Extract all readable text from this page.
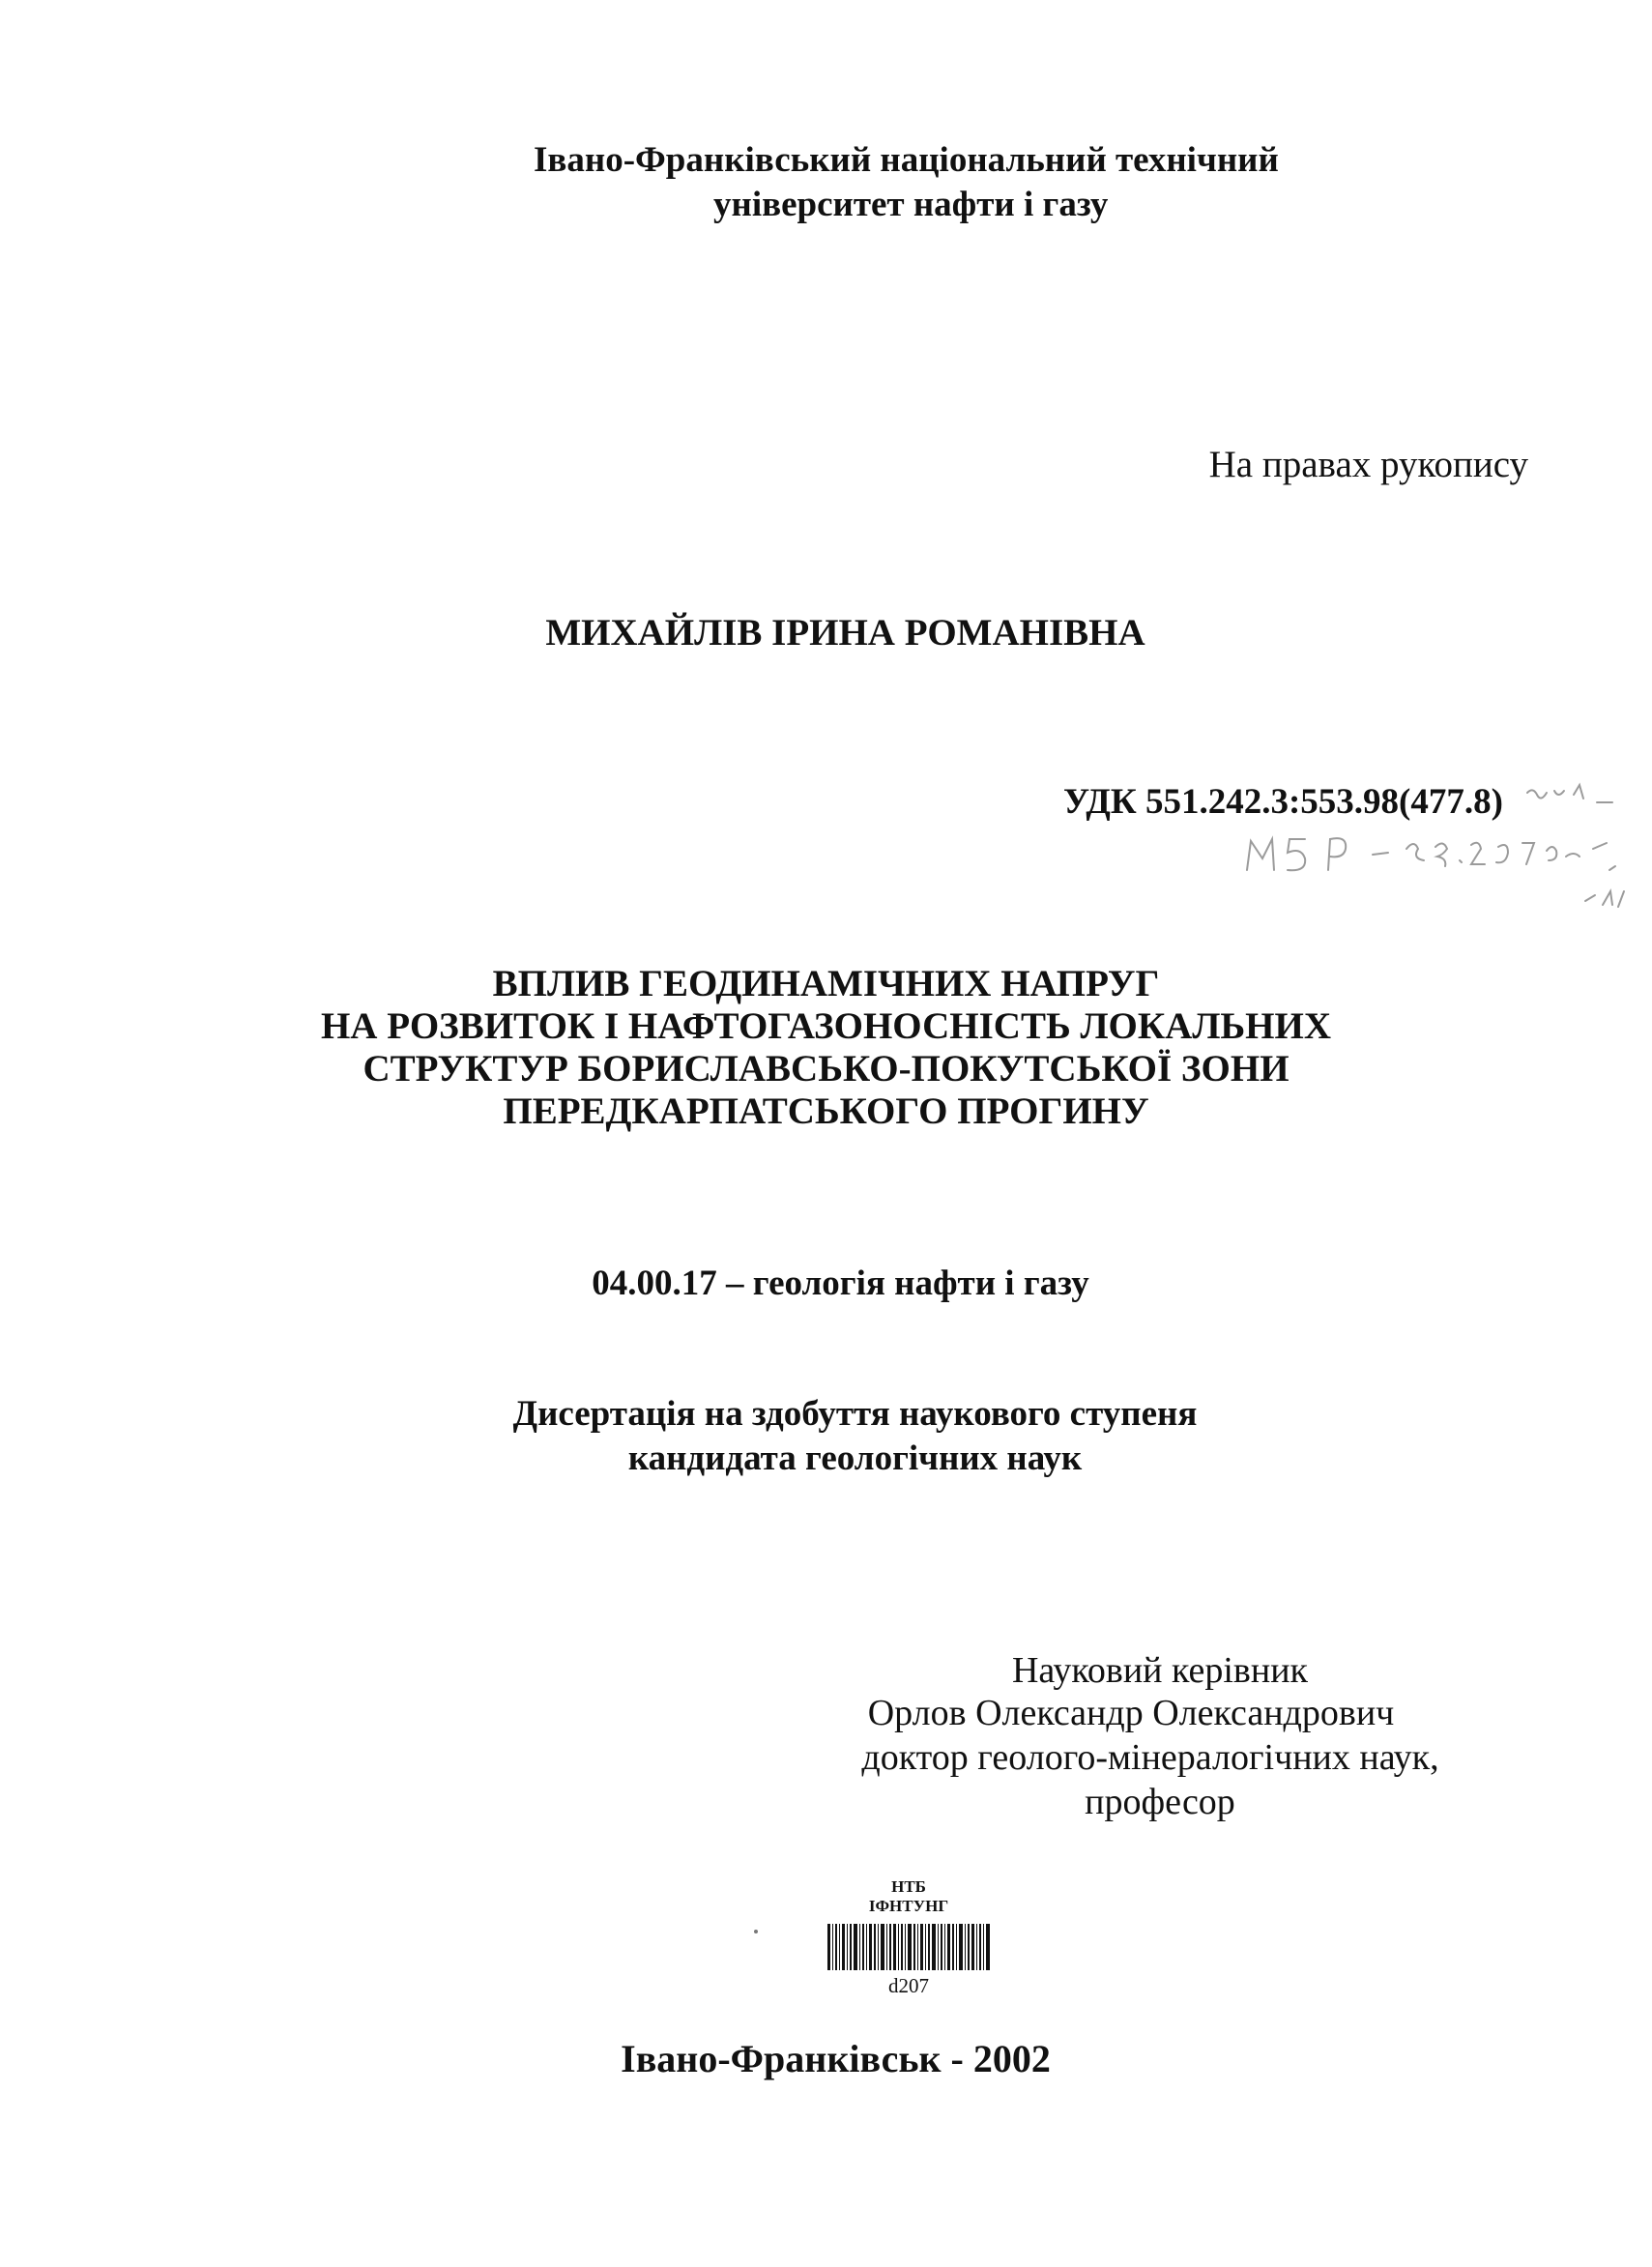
Івано-Франківський національний технічний
університет нафти і газу
На правах рукопису
МИХАЙЛІВ ІРИНА РОМАНІВНА
УДК 551.242.3:553.98(477.8)
ВПЛИВ ГЕОДИНАМІЧНИХ НАПРУГ
НА РОЗВИТОК І НАФТОГАЗОНОСНІСТЬ ЛОКАЛЬНИХ
СТРУКТУР БОРИСЛАВСЬКО-ПОКУТСЬКОЇ ЗОНИ
ПЕРЕДКАРПАТСЬКОГО ПРОГИНУ
04.00.17 – геологія нафти і газу
Дисертація на здобуття наукового ступеня
кандидата геологічних наук
Науковий керівник
Орлов Олександр Олександрович
доктор геолого-мінералогічних наук,
професор
НТБ
ІФНТУНГ
d207
Івано-Франківськ - 2002
